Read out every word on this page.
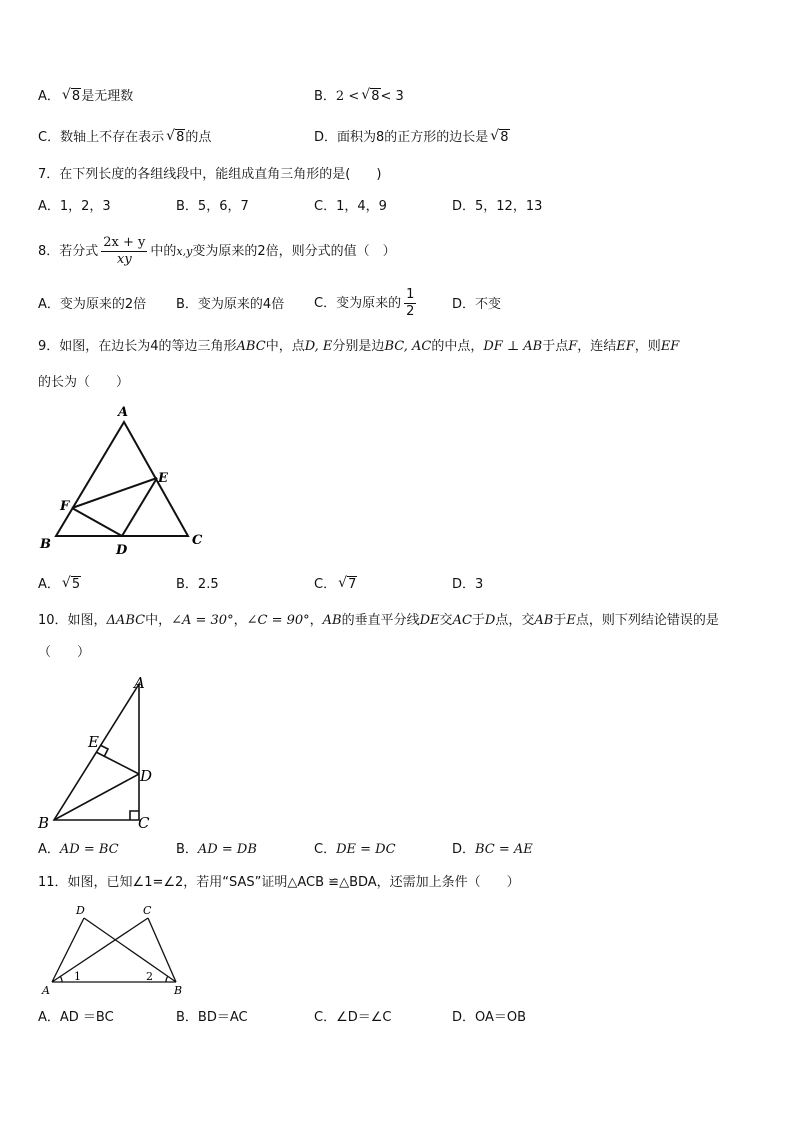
A． √ 8是无理数	B．2 < √ 8< 3
C．数轴上不存在表示 √ 8的点	D．面积为8的正方形的边长是 √ 8
7．在下列长度的各组线段中，能组成直角三角形的是(　　)
A．1，2，3	B．5，6，7	C．1，4，9	D．5，12，13
8．若分式 $\frac{2x + y}{xy}$ 中的x,y变为原来的2倍，则分式的值（　）
A．变为原来的2倍 B．变为原来的4倍 C．变为原来的 $\frac{1}{2}$	D．不变
9．如图，在边长为4的等边三角形ABC中，点D, E分别是边BC, AC的中点，DF ⊥ AB于点F，连结EF，则EF
的长为（　　）
A
B	C
D
E
F
A． √ 5	B．2.5	C． √ 7	D．3
10．如图，ΔABC中，∠A = 30°，∠C = 90°，AB的垂直平分线DE交AC于D点，交AB于E点，则下列结论错误的是
（　　）
A
B	C
D
E
A．AD = BC	B．AD = DB	C．DE = DC	D．BC = AE
11．如图，已知∠1=∠2，若用“SAS”证明△ACB ≌△BDA，还需加上条件（　　）
D	C
A	B
1	2
A．AD ＝BC	B．BD＝AC	C．∠D＝∠C	D．OA＝OB
